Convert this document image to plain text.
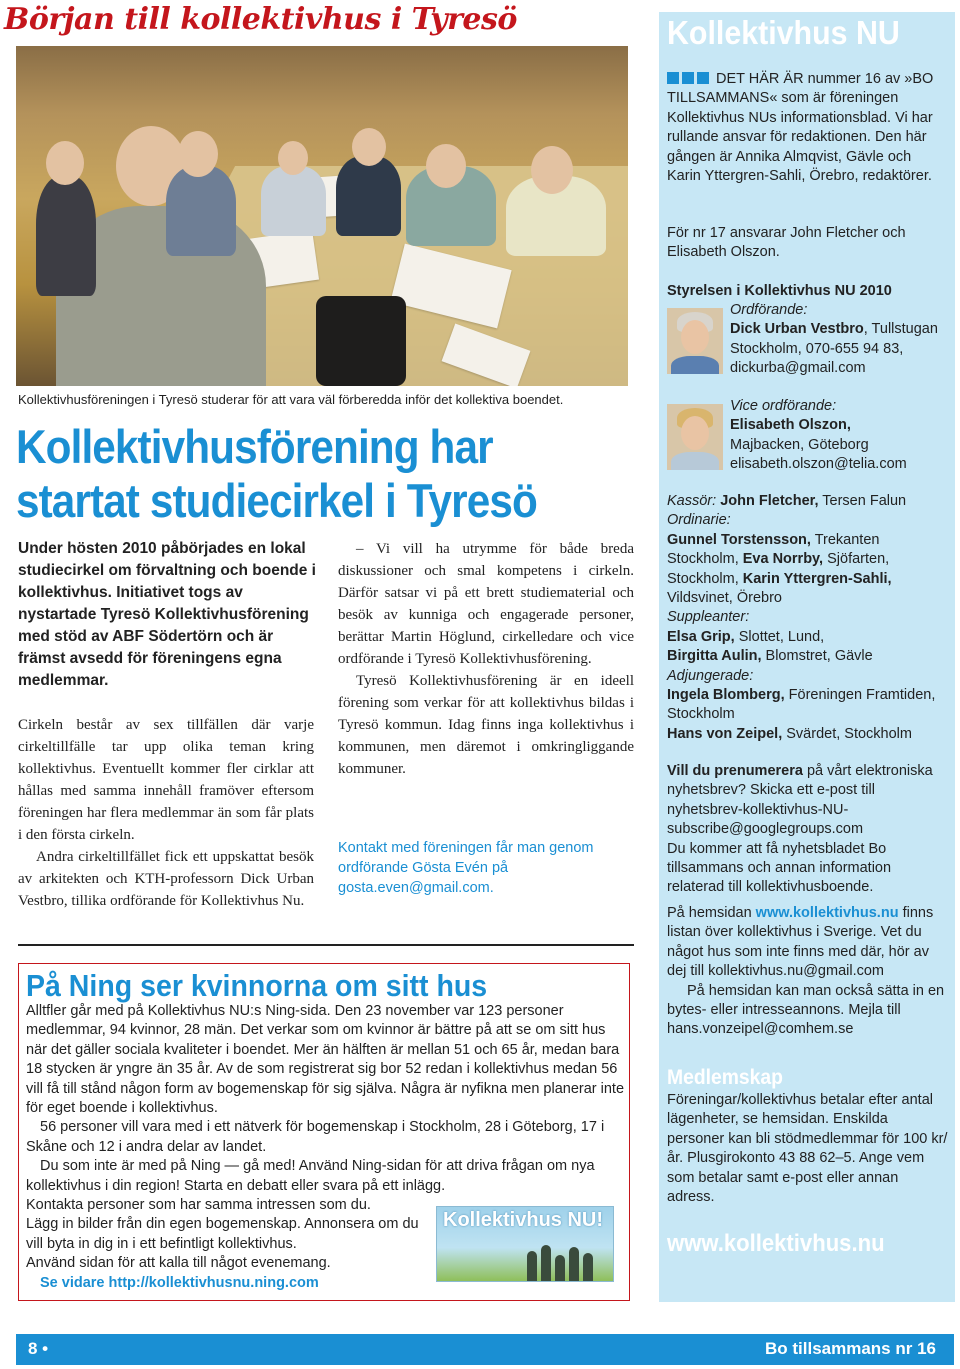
Början till kollektivhus i Tyresö
Kollektivhusföreningen i Tyresö studerar för att vara väl förberedda inför det kollektiva boendet.
Kollektivhusförening har
startat studiecirkel i Tyresö
Under hösten 2010 påbörjades en lokal studiecirkel om förvaltning och boende i kollektivhus. Initiativet togs av nystartade Tyresö Kollektivhusförening med stöd av ABF Södertörn och är främst avsedd för föreningens egna medlemmar.

Cirkeln består av sex tillfällen där varje cirkeltillfälle tar upp olika teman kring kollektivhus. Eventuellt kommer fler cirklar att hållas med samma innehåll framöver eftersom föreningen har flera medlemmar än som får plats i den första cirkeln.

Andra cirkeltillfället fick ett uppskattat besök av arkitekten och KTH-professorn Dick Urban Vestbro, tillika ordförande för Kollektivhus Nu.

– Vi vill ha utrymme för både breda diskussioner och smal kompetens i cirkeln. Därför satsar vi på ett brett studiematerial och besök av kunniga och engagerade personer, berättar Martin Höglund, cirkelledare och vice ordförande i Tyresö Kollektivhusförening.

Tyresö Kollektivhusförening är en ideell förening som verkar för att kollektivhus bildas i Tyresö kommun. Idag finns inga kollektivhus i kommunen, men däremot i omkringliggande kommuner.

Kontakt med föreningen får man genom ordförande Gösta Evén på gosta.even@gmail.com.
På Ning ser kvinnorna om sitt hus

Alltfler går med på Kollektivhus NU:s Ning-sida. Den 23 november var 123 personer medlemmar, 94 kvinnor, 28 män. Det verkar som om kvinnor är bättre på att se om sitt hus när det gäller sociala kvaliteter i boendet. Mer än hälften är mellan 51 och 65 år, medan bara 18 stycken är yngre än 35 år. Av de som registrerat sig bor 52 redan i kollektivhus medan 56 vill få till stånd någon form av bogemenskap för sig själva. Några är nyfikna men planerar inte för eget boende i kollektivhus.

56 personer vill vara med i ett nätverk för bogemenskap i Stockholm, 28 i Göteborg, 17 i Skåne och 12 i andra delar av landet.

Du som inte är med på Ning — gå med! Använd Ning-sidan för att driva frågan om nya kollektivhus i din region! Starta en debatt eller svara på ett inlägg.

Kontakta personer som har samma intressen som du.

Lägg in bilder från din egen bogemenskap. Annonsera om du vill byta in dig in i ett befintligt kollektivhus.

Använd sidan för att kalla till något evenemang.

Se vidare http://kollektivhusnu.ning.com

Kollektivhus NU!
Kollektivhus NU

DET HÄR ÄR nummer 16 av »BO TILLSAMMANS« som är föreningen Kollektivhus NUs informationsblad. Vi har rullande ansvar för redaktionen. Den här gången är Annika Almqvist, Gävle och Karin Yttergren-Sahli, Örebro, redaktörer.

För nr 17 ansvarar John Fletcher och Elisabeth Olszon.
Styrelsen i Kollektivhus NU 2010

Ordförande:

Dick Urban Vestbro, Tullstugan Stockholm, 070-655 94 83, dickurba@gmail.com

Vice ordförande:

Elisabeth Olszon,

Majbacken, Göteborg elisabeth.olszon@telia.com

Kassör: John Fletcher, Tersen Falun

Ordinarie:

Gunnel Torstensson, Trekanten Stockholm, Eva Norrby, Sjöfarten, Stockholm, Karin Yttergren-Sahli, Vildsvinet, Örebro

Suppleanter:

Elsa Grip, Slottet, Lund,

Birgitta Aulin, Blomstret, Gävle

Adjungerade:

Ingela Blomberg, Föreningen Framtiden, Stockholm

Hans von Zeipel, Svärdet, Stockholm

Vill du prenumerera på vårt elektroniska nyhetsbrev? Skicka ett e-post till nyhetsbrev-kollektivhus-NU-subscribe@googlegroups.com

Du kommer att få nyhetsbladet Bo tillsammans och annan information relaterad till kollektivhusboende.

På hemsidan www.kollektivhus.nu finns listan över kollektivhus i Sverige. Vet du något hus som inte finns med där, hör av dej till kollektivhus.nu@gmail.com

På hemsidan kan man också sätta in en bytes- eller intresseannons. Mejla till hans.vonzeipel@comhem.se

Medlemskap
Föreningar/kollektivhus betalar efter antal lägenheter, se hemsidan. Enskilda personer kan bli stödmedlemmar för 100 kr/år. Plusgirokonto 43 88 62–5. Ange vem som betalar samt e-post eller annan adress.
www.kollektivhus.nu
8 •	Bo tillsammans nr 16
